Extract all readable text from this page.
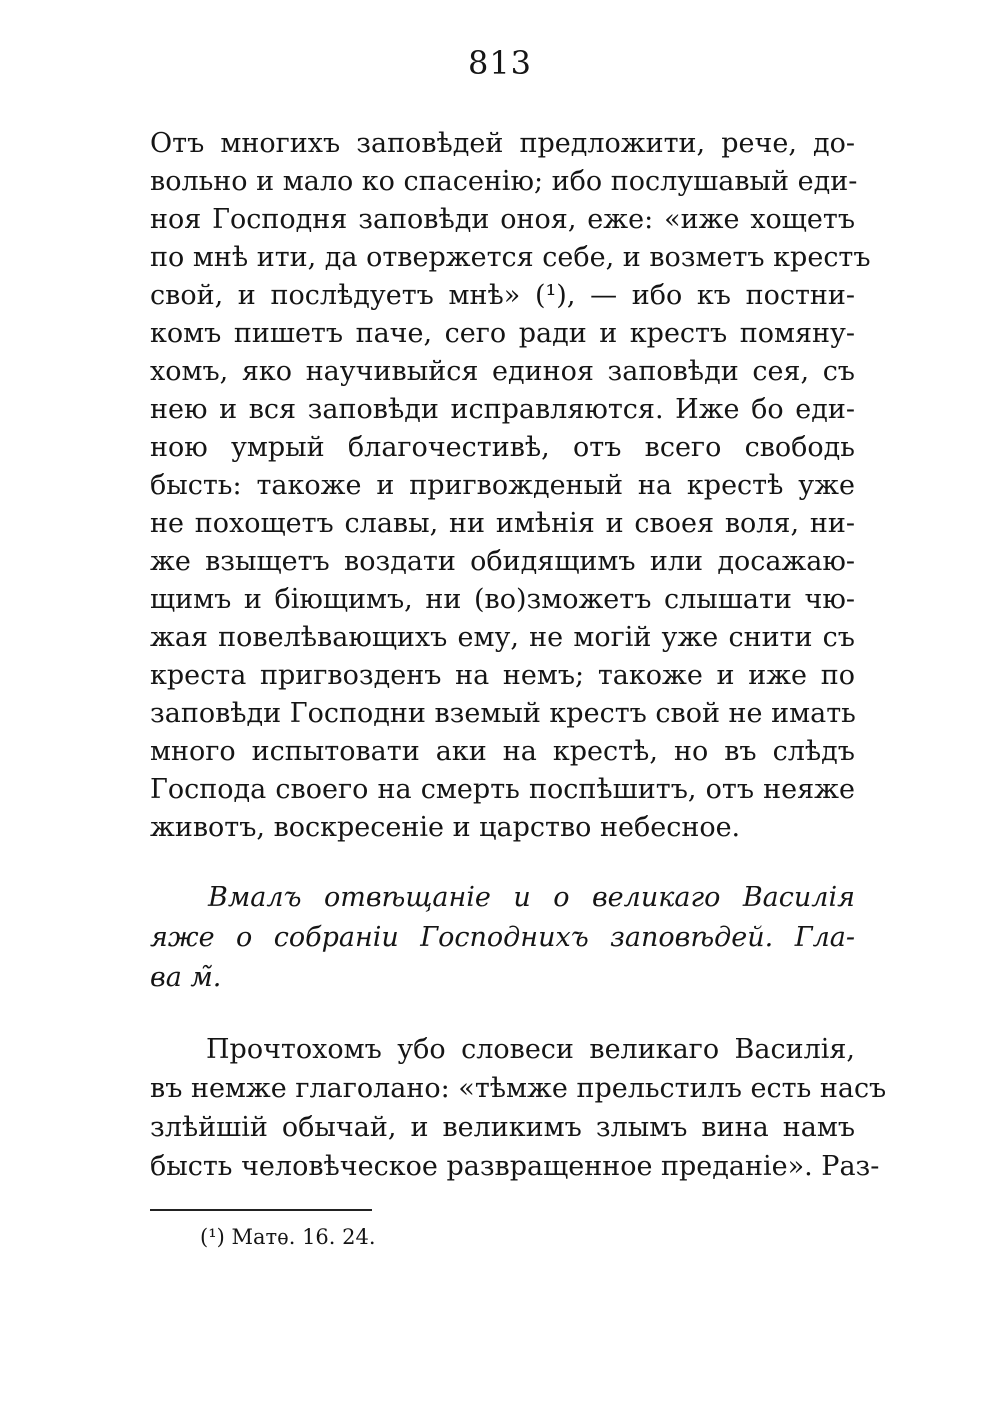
813
Отъ многихъ заповѣдей предложити, рече, до-
вольно и мало ко спасенію; ибо послушавый еди-
ноя Господня заповѣди оноя, еже: «иже хощетъ
по мнѣ ити, да отвержется себе, и возметъ крестъ
свой, и послѣдуетъ мнѣ» (¹), — ибо къ постни-
комъ пишетъ паче, сего ради и крестъ помяну-
хомъ, яко научивыйся единоя заповѣди сея, съ
нею и вся заповѣди исправляются. Иже бо еди-
ною умрый благочестивѣ, отъ всего свободь
бысть: такоже и пригвожденый на крестѣ уже
не похощетъ славы, ни имѣнія и своея воля, ни-
же взыщетъ воздати обидящимъ или досажаю-
щимъ и біющимъ, ни (во)зможетъ слышати чю-
жая повелѣвающихъ ему, не могій уже снити съ
креста пригвозденъ на немъ; такоже и иже по
заповѣди Господни вземый крестъ свой не имать
много испытовати аки на крестѣ, но въ слѣдъ
Господа своего на смерть поспѣшитъ, отъ неяже
животъ, воскресеніе и царство небесное.
Вмалъ отвѣщаніе и о великаго Василія
яже о собраніи Господнихъ заповѣдей. Гла-
ва м̃.
Прочтохомъ убо словеси великаго Василія,
въ немже глаголано: «тѣмже прельстилъ есть насъ
злѣйшій обычай, и великимъ злымъ вина намъ
бысть человѣческое развращенное преданіе». Раз-
(¹) Матѳ. 16. 24.
